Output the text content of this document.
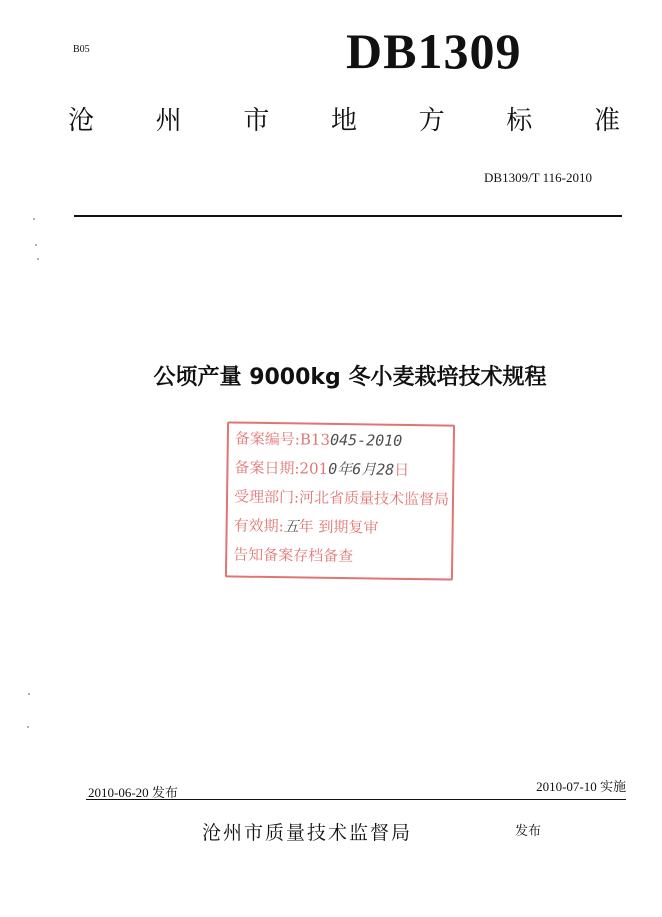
B05	DB1309
沧 州 市 地 方 标 准
DB1309/T 116-2010
公顷产量 9000kg 冬小麦栽培技术规程
备案编号:B13045-2010
备案日期:2010年6月28日
受理部门:河北省质量技术监督局
有效期:五年 到期复审
告知备案存档备查
2010-06-20 发布	2010-07-10 实施
沧州市质量技术监督局	发布
